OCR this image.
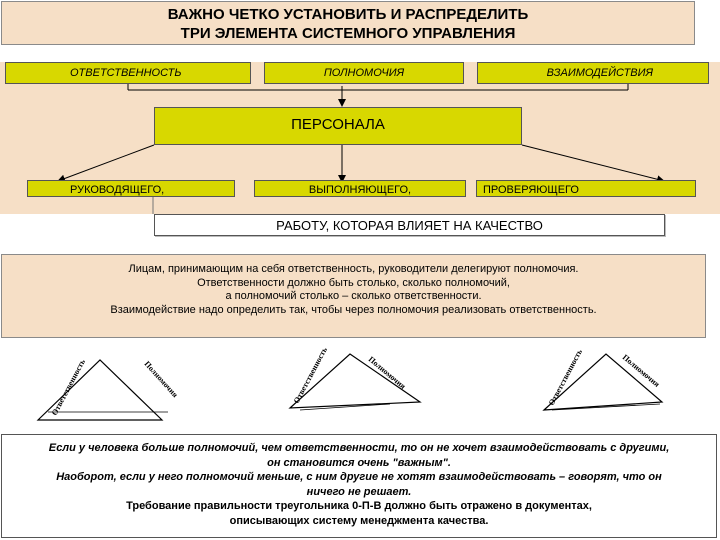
ВАЖНО ЧЕТКО УСТАНОВИТЬ И РАСПРЕДЕЛИТЬ
ТРИ ЭЛЕМЕНТА СИСТЕМНОГО УПРАВЛЕНИЯ
ОТВЕТСТВЕННОСТЬ	ПОЛНОМОЧИЯ	ВЗАИМОДЕЙСТВИЯ
ПЕРСОНАЛА
РУКОВОДЯЩЕГО,	ВЫПОЛНЯЮЩЕГО,	ПРОВЕРЯЮЩЕГО
РАБОТУ, КОТОРАЯ ВЛИЯЕТ НА КАЧЕСТВО
Лицам, принимающим на себя ответственность, руководители делегируют полномочия.
Ответственности должно быть столько, сколько полномочий,
а полномочий столько – сколько ответственности.
Взаимодействие надо определить так, чтобы через полномочия реализовать ответственность.
Ответственность	Полномочия	Ответственность	Полномочия	Ответственность	Полномочия
Если у человека больше полномочий, чем ответственности, то он не хочет взаимодействовать с другими,
он становится очень "важным".
Наоборот, если у него полномочий меньше, с ним другие не хотят взаимодействовать – говорят, что он
ничего не решает.
Требование правильности треугольника 0-П-В должно быть отражено в документах,
описывающих систему менеджмента качества.
